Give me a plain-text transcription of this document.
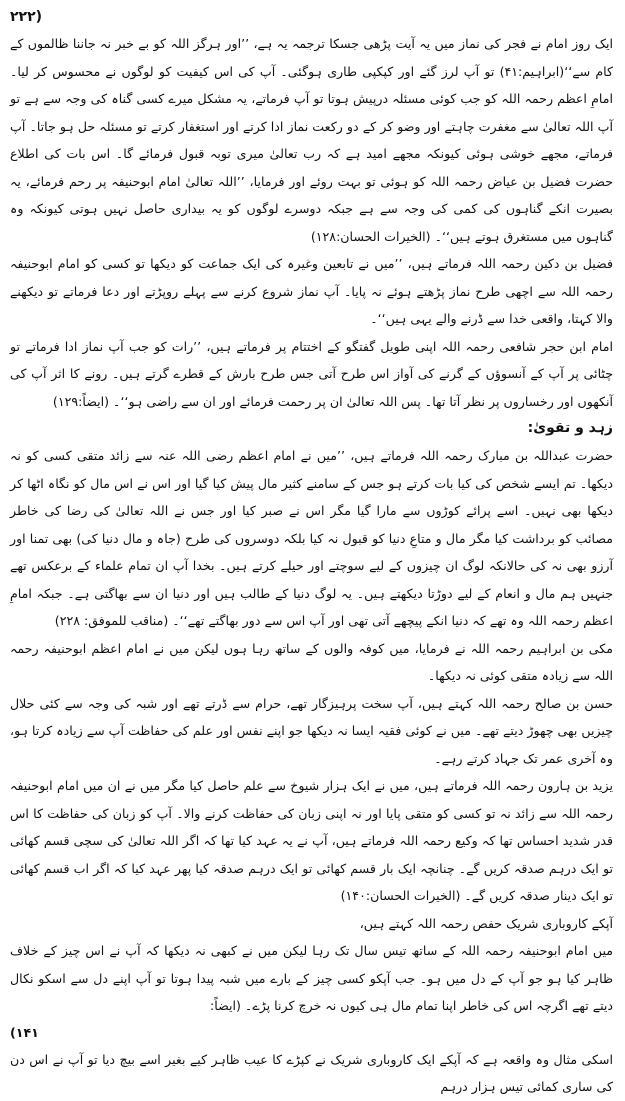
(۲۲۲

ایک روز امام نے فجر کی نماز میں یہ آیت پڑھی جسکا ترجمہ یہ ہے، ’’اور ہرگز اللہ کو بے خبر نہ جاننا ظالموں کے کام سے‘‘(ابراہیم:۴۱) تو آپ لرز گئے اور کپکپی طاری ہوگئی۔ آپ کی اس کیفیت کو لوگوں نے محسوس کر لیا۔ امامِ اعظم رحمہ اللہ کو جب کوئی مسئلہ درپیش ہوتا تو آپ فرماتے، یہ مشکل میرے کسی گناہ کی وجہ سے ہے تو آپ اللہ تعالیٰ سے مغفرت چاہتے اور وضو کر کے دو رکعت نماز ادا کرتے اور استغفار کرتے تو مسئلہ حل ہو جاتا۔ آپ فرماتے، مجھے خوشی ہوئی کیونکہ مجھے امید ہے کہ رب تعالیٰ میری توبہ قبول فرمائے گا۔ اس بات کی اطلاع حضرت فضیل بن عیاض رحمہ اللہ کو ہوئی تو بہت روئے اور فرمایا، ’’اللہ تعالیٰ امام ابوحنیفہ پر رحم فرمائے، یہ بصیرت انکے گناہوں کی کمی کی وجہ سے ہے جبکہ دوسرے لوگوں کو یہ بیداری حاصل نہیں ہوتی کیونکہ وہ گناہوں میں مستغرق ہوتے ہیں‘‘۔ (الخیرات الحسان:۱۲۸)

فضیل بن دکین رحمہ اللہ فرماتے ہیں، ’’میں نے تابعین وغیرہ کی ایک جماعت کو دیکھا تو کسی کو امام ابوحنیفہ رحمہ اللہ سے اچھی طرح نماز پڑھتے ہوئے نہ پایا۔ آپ نماز شروع کرنے سے پہلے روپڑتے اور دعا فرماتے تو دیکھنے والا کہتا، واقعی خدا سے ڈرنے والے یہی ہیں‘‘۔

امام ابن حجر شافعی رحمہ اللہ اپنی طویل گفتگو کے اختتام پر فرماتے ہیں، ’’رات کو جب آپ نماز ادا فرماتے تو چٹائی پر آپ کے آنسوؤں کے گرنے کی آواز اس طرح آتی جس طرح بارش کے قطرے گرتے ہیں۔ رونے کا اثر آپ کی آنکھوں اور رخساروں پر نظر آتا تھا۔ پس اللہ تعالیٰ ان پر رحمت فرمائے اور ان سے راضی ہو‘‘۔ (ایضاً:۱۲۹)

زہد و تقویٰ:

حضرت عبداللہ بن مبارک رحمہ اللہ فرماتے ہیں، ’’میں نے امام اعظم رضی اللہ عنہ سے زائد متقی کسی کو نہ دیکھا۔ تم ایسے شخص کی کیا بات کرتے ہو جس کے سامنے کثیر مال پیش کیا گیا اور اس نے اس مال کو نگاہ اٹھا کر دیکھا بھی نہیں۔ اسے پرائے کوڑوں سے مارا گیا مگر اس نے صبر کیا اور جس نے اللہ تعالیٰ کی رضا کی خاطر مصائب کو برداشت کیا مگر مال و متاعِ دنیا کو قبول نہ کیا بلکہ دوسروں کی طرح (جاہ و مال دنیا کی) بھی تمنا اور آرزو بھی نہ کی حالانکہ لوگ ان چیزوں کے لیے سوچتے اور حیلے کرتے ہیں۔ بخدا آپ ان تمام علماء کے برعکس تھے جنہیں ہم مال و انعام کے لیے دوڑتا دیکھتے ہیں۔ یہ لوگ دنیا کے طالب ہیں اور دنیا ان سے بھاگتی ہے۔ جبکہ امامِ اعظم رحمہ اللہ وہ تھے کہ دنیا انکے پیچھے آتی تھی اور آپ اس سے دور بھاگتے تھے‘‘۔ (مناقب للموفق: ۲۲۸)

مکی بن ابراہیم رحمہ اللہ نے فرمایا، میں کوفہ والوں کے ساتھ رہا ہوں لیکن میں نے امام اعظم ابوحنیفہ رحمہ اللہ سے زیادہ متقی کوئی نہ دیکھا۔

حسن بن صالح رحمہ اللہ کہتے ہیں، آپ سخت پرہیزگار تھے، حرام سے ڈرتے تھے اور شبہ کی وجہ سے کئی حلال چیزیں بھی چھوڑ دیتے تھے۔ میں نے کوئی فقیہ ایسا نہ دیکھا جو اپنے نفس اور علم کی حفاظت آپ سے زیادہ کرتا ہو، وہ آخری عمر تک جہاد کرتے رہے۔

یزید بن ہارون رحمہ اللہ فرماتے ہیں، میں نے ایک ہزار شیوخ سے علم حاصل کیا مگر میں نے ان میں امام ابوحنیفہ رحمہ اللہ سے زائد نہ تو کسی کو متقی پایا اور نہ اپنی زبان کی حفاظت کرنے والا۔ آپ کو زبان کی حفاظت کا اس قدر شدید احساس تھا کہ وکیع رحمہ اللہ فرماتے ہیں، آپ نے یہ عہد کیا تھا کہ اگر اللہ تعالیٰ کی سچی قسم کھائی تو ایک درہم صدقہ کریں گے۔ چنانچہ ایک بار قسم کھائی تو ایک درہم صدقہ کیا پھر عہد کیا کہ اگر اب قسم کھائی تو ایک دینار صدقہ کریں گے۔ (الخیرات الحسان:۱۴۰)

آپکے کاروباری شریک حفص رحمہ اللہ کہتے ہیں،

میں امام ابوحنیفہ رحمہ اللہ کے ساتھ تیس سال تک رہا لیکن میں نے کبھی نہ دیکھا کہ آپ نے اس چیز کے خلاف ظاہر کیا ہو جو آپ کے دل میں ہو۔ جب آپکو کسی چیز کے بارے میں شبہ پیدا ہوتا تو آپ اپنے دل سے اسکو نکال دیتے تھے اگرچہ اس کی خاطر اپنا تمام مال ہی کیوں نہ خرچ کرنا پڑے۔ (ایضاً:

۱۴۱)

اسکی مثال وہ واقعہ ہے کہ آپکے ایک کاروباری شریک نے کپڑے کا عیب ظاہر کیے بغیر اسے بیچ دیا تو آپ نے اس دن کی ساری کمائی تیس ہزار درہم
